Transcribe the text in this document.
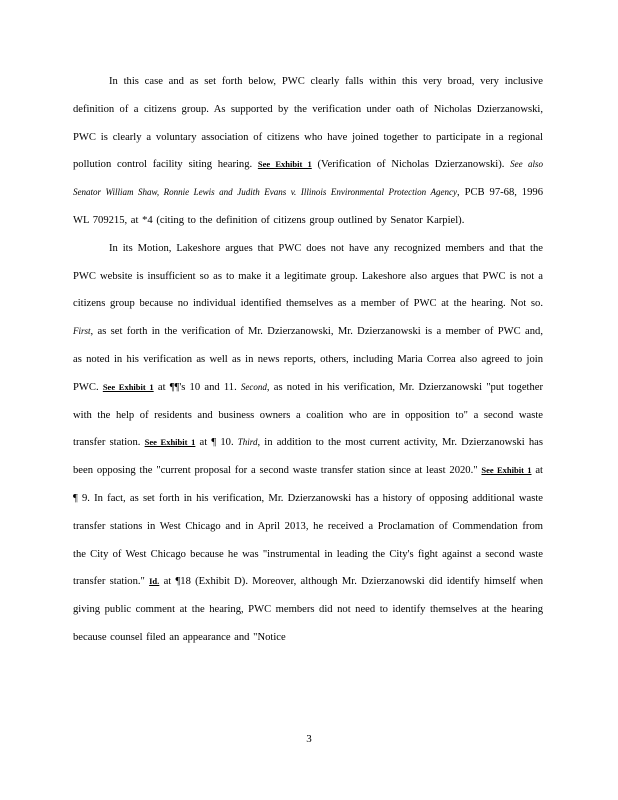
In this case and as set forth below, PWC clearly falls within this very broad, very inclusive definition of a citizens group. As supported by the verification under oath of Nicholas Dzierzanowski, PWC is clearly a voluntary association of citizens who have joined together to participate in a regional pollution control facility siting hearing. See Exhibit 1 (Verification of Nicholas Dzierzanowski). See also Senator William Shaw, Ronnie Lewis and Judith Evans v. Illinois Environmental Protection Agency, PCB 97-68, 1996 WL 709215, at *4 (citing to the definition of citizens group outlined by Senator Karpiel).

In its Motion, Lakeshore argues that PWC does not have any recognized members and that the PWC website is insufficient so as to make it a legitimate group. Lakeshore also argues that PWC is not a citizens group because no individual identified themselves as a member of PWC at the hearing. Not so. First, as set forth in the verification of Mr. Dzierzanowski, Mr. Dzierzanowski is a member of PWC and, as noted in his verification as well as in news reports, others, including Maria Correa also agreed to join PWC. See Exhibit 1 at ¶¶'s 10 and 11. Second, as noted in his verification, Mr. Dzierzanowski "put together with the help of residents and business owners a coalition who are in opposition to" a second waste transfer station. See Exhibit 1 at ¶ 10. Third, in addition to the most current activity, Mr. Dzierzanowski has been opposing the "current proposal for a second waste transfer station since at least 2020." See Exhibit 1 at ¶ 9. In fact, as set forth in his verification, Mr. Dzierzanowski has a history of opposing additional waste transfer stations in West Chicago and in April 2013, he received a Proclamation of Commendation from the City of West Chicago because he was "instrumental in leading the City's fight against a second waste transfer station." Id. at ¶18 (Exhibit D). Moreover, although Mr. Dzierzanowski did identify himself when giving public comment at the hearing, PWC members did not need to identify themselves at the hearing because counsel filed an appearance and "Notice

3
